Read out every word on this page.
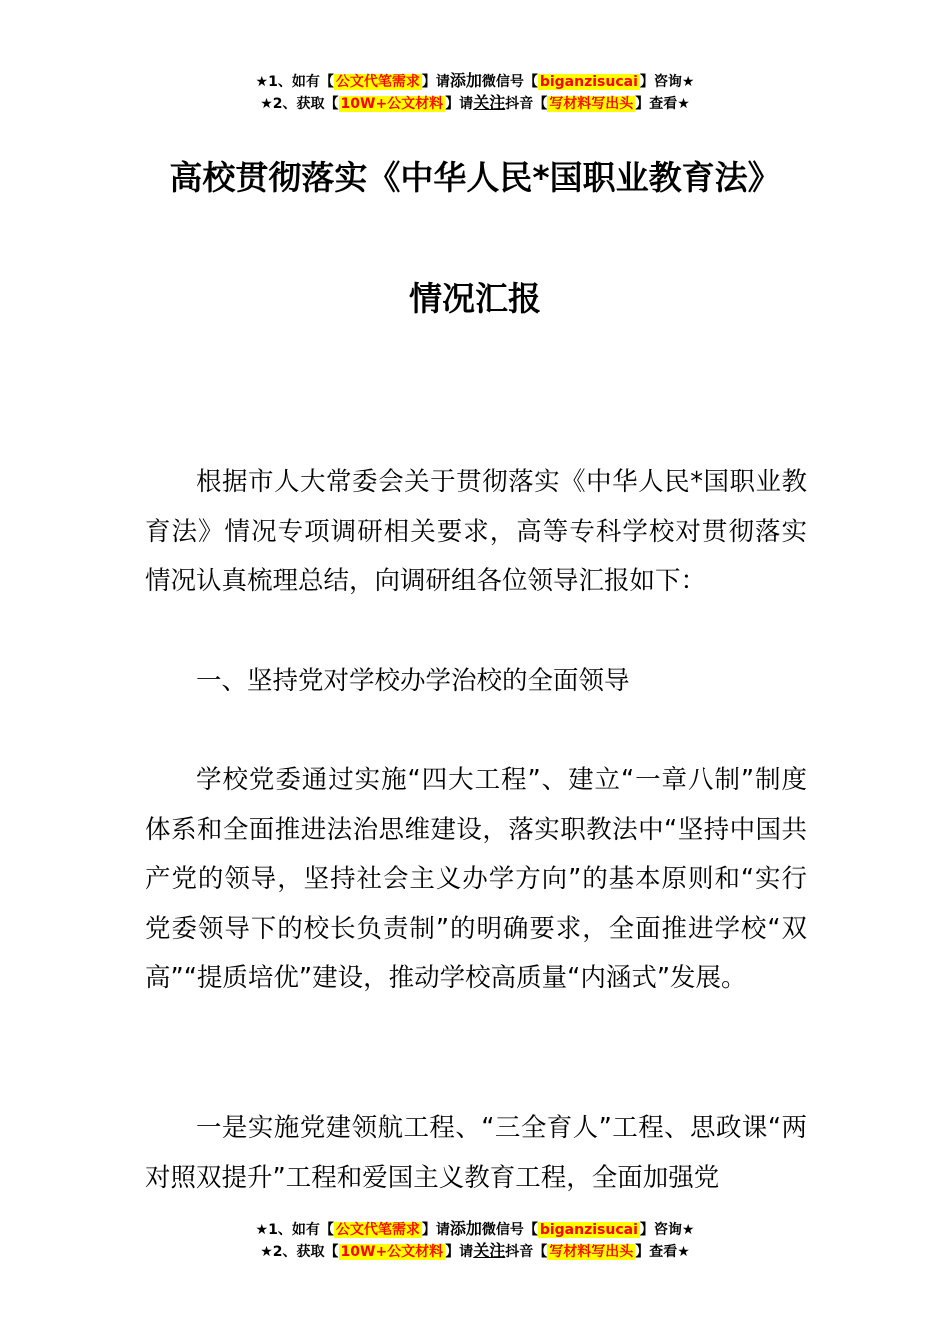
★1、如有【 公文代笔需求 】请添加微信号【 biganzisucai 】咨询★
★2、获取【 10W+公文材料 】请关注抖音【 写材料写出头 】查看★
高校贯彻落实《中华人民*国职业教育法》
情况汇报

根据市人大常委会关于贯彻落实《中华人民*国职业教育法》情况专项调研相关要求，高等专科学校对贯彻落实情况认真梳理总结，向调研组各位领导汇报如下：

一、坚持党对学校办学治校的全面领导

学校党委通过实施“四大工程”、建立“一章八制”制度体系和全面推进法治思维建设，落实职教法中“坚持中国共产党的领导，坚持社会主义办学方向”的基本原则和“实行党委领导下的校长负责制”的明确要求，全面推进学校“双高”“提质培优”建设，推动学校高质量“内涵式”发展。

一是实施党建领航工程、“三全育人”工程、思政课“两对照双提升”工程和爱国主义教育工程，全面加强党

★1、如有【 公文代笔需求 】请添加微信号【 biganzisucai 】咨询★
★2、获取【 10W+公文材料 】请关注抖音【 写材料写出头 】查看★
